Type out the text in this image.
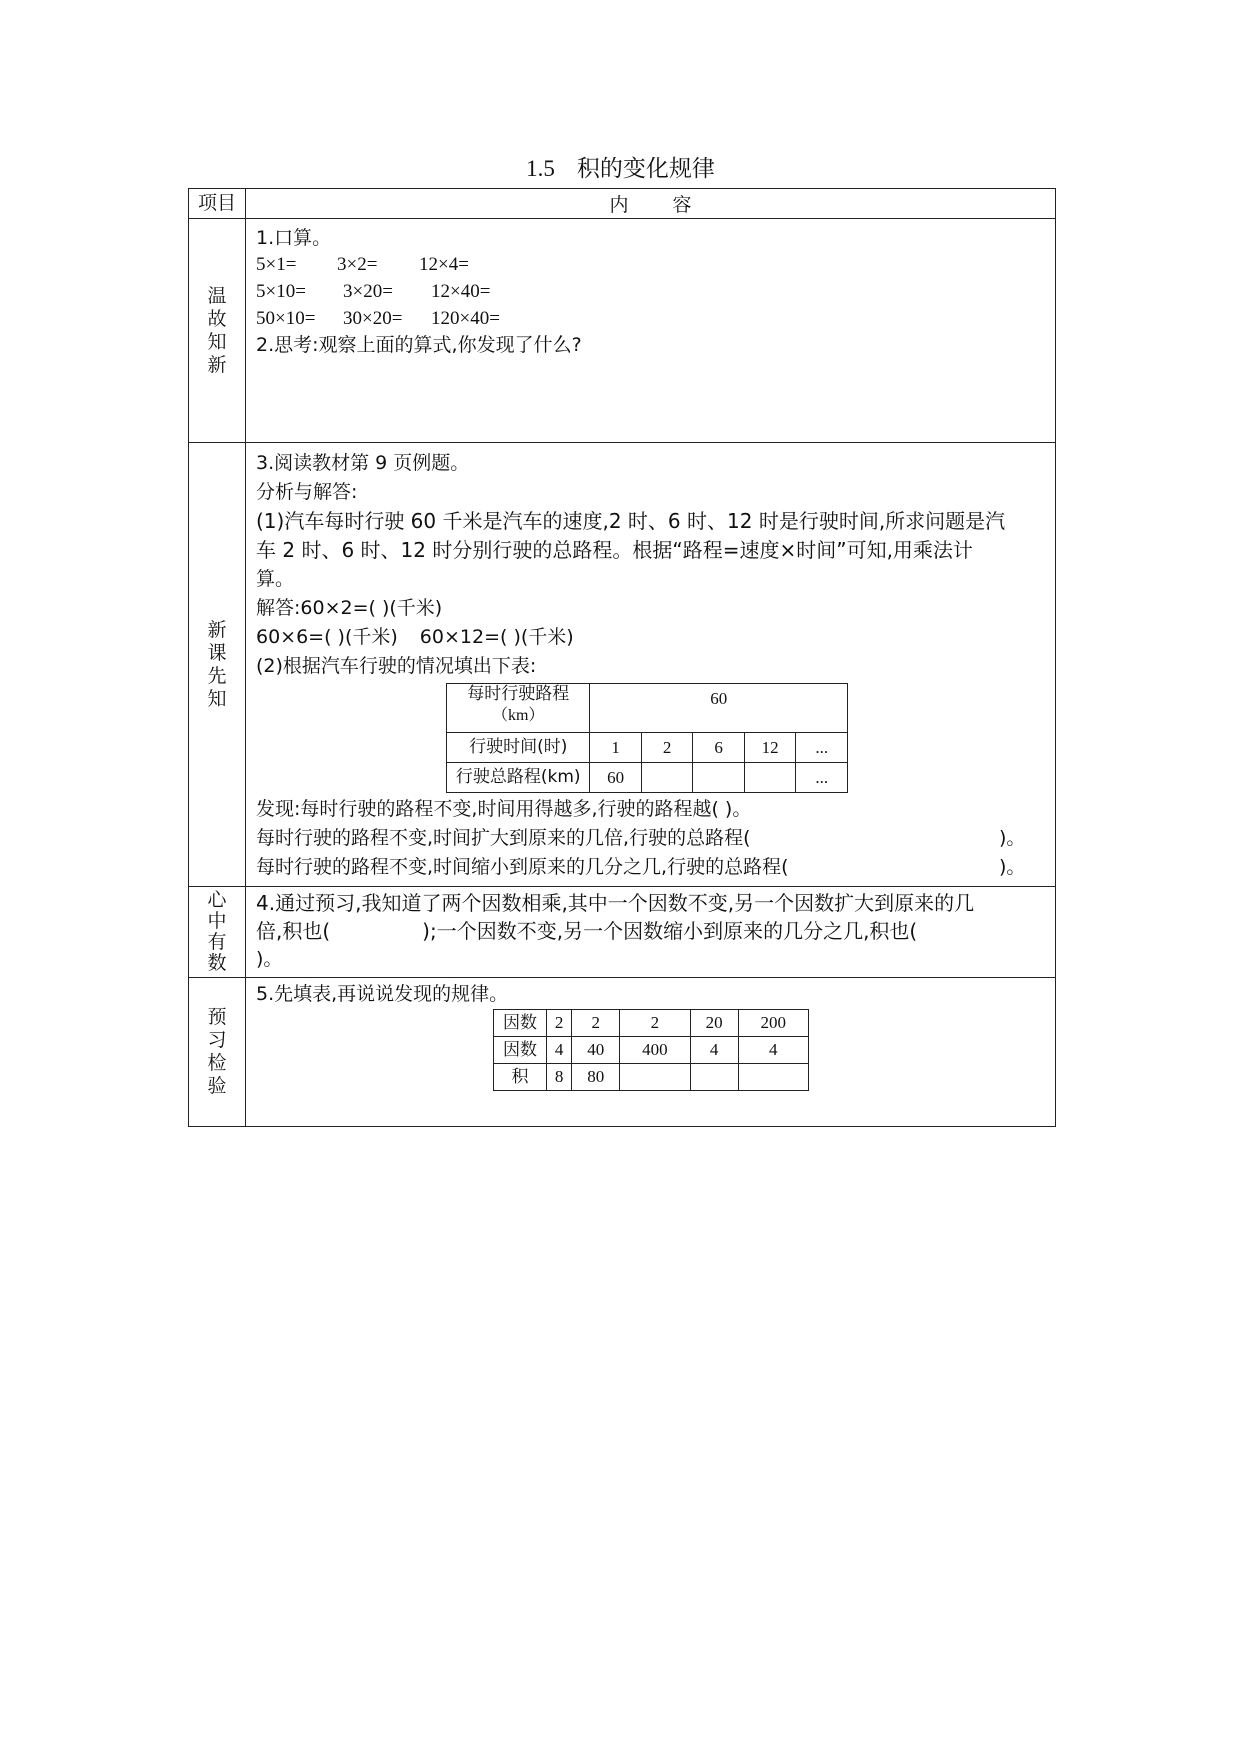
1.5 积的变化规律
项目	内 容
温故知新	
1.口算。
5×1= 3×2= 12×4=
5×10= 3×20= 12×40=
50×10= 30×20= 120×40=
2.思考:观察上面的算式,你发现了什么?

新课先知	
3.阅读教材第 9 页例题。
分析与解答:
(1)汽车每时行驶 60 千米是汽车的速度,2 时、6 时、12 时是行驶时间,所求问题是汽
车 2 时、6 时、12 时分别行驶的总路程。根据“路程=速度×时间”可知,用乘法计
算。
解答:60×2=( )(千米)
60×6=( )(千米) 60×12=( )(千米)
(2)根据汽车行驶的情况填出下表:
每时行驶路程
（km）
	60
行驶时间(时)	1	2	6	12	...
行驶总路程(km)	60				...
发现:每时行驶的路程不变,时间用得越多,行驶的路程越( )。
每时行驶的路程不变,时间扩大到原来的几倍,行驶的总路程(	)。
每时行驶的路程不变,时间缩小到原来的几分之几,行驶的总路程(	)。

心中有数	
4.通过预习,我知道了两个因数相乘,其中一个因数不变,另一个因数扩大到原来的几
倍,积也(	);一个因数不变,另一个因数缩小到原来的几分之几,积也(
)。

预习检验	
5.先填表,再说说发现的规律。
因数	2	2	2	20	200
因数	4	40	400	4	4
积	8	80			
